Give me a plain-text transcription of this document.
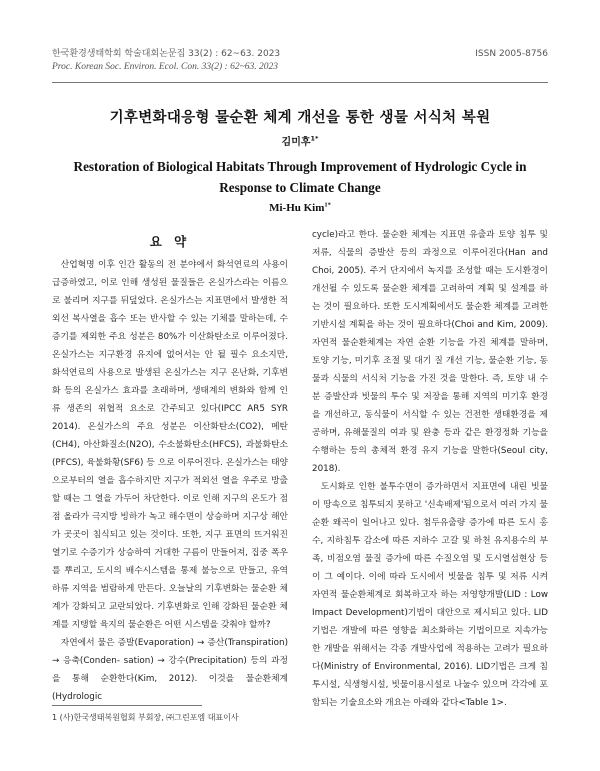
한국환경생태학회 학술대회논문집 33(2) : 62~63. 2023	ISSN 2005-8756
Proc. Korean Soc. Environ. Ecol. Con. 33(2) : 62~63. 2023
기후변화대응형 물순환 체계 개선을 통한 생물 서식처 복원
김미후$^{1*}$
Restoration of Biological Habitats Through Improvement of Hydrologic Cycle in Response to Climate Change
Mi-Hu Kim$^{1*}$
요 약

산업혁명 이후 인간 활동의 전 분야에서 화석연료의 사용이 급증하였고, 이로 인해 생성된 물질들은 온실가스라는 이름으로 불리며 지구를 뒤덮었다. 온실가스는 지표면에서 발생한 적외선 복사열을 흡수 또는 반사할 수 있는 기체를 말하는데, 수증기를 제외한 주요 성분은 80%가 이산화탄소로 이루어졌다. 온실가스는 지구환경 유지에 없어서는 안 될 필수 요소지만, 화석연료의 사용으로 발생된 온실가스는 지구 온난화, 기후변화 등의 온실가스 효과를 초래하며, 생태계의 변화와 함께 인류 생존의 위협적 요소로 간주되고 있다(IPCC AR5 SYR 2014). 온실가스의 주요 성분은 이산화탄소(CO2), 메탄(CH4), 아산화질소(N2O), 수소불화탄소(HFCS), 과불화탄소(PFCS), 육불화황(SF6) 등 으로 이루어진다. 온실가스는 태양으로부터의 열을 흡수하지만 지구가 적외선 열을 우주로 방출할 때는 그 열을 가두어 차단한다. 이로 인해 지구의 온도가 점점 올라가 극지방 빙하가 녹고 해수면이 상승하며 지구상 해안가 곳곳이 침식되고 있는 것이다. 또한, 지구 표면의 뜨거워진 열기로 수증기가 상승하여 거대한 구름이 만들어져, 집중 폭우를 뿌리고, 도시의 배수시스템을 통제 불능으로 만들고, 유역 하류 지역을 범람하게 만든다. 오늘날의 기후변화는 물순환 체계가 강화되고 교란되었다. 기후변화로 인해 강화된 물순환 체계를 지탱할 육지의 물순환은 어떤 시스템을 갖춰야 할까?

자연에서 물은 증발(Evaporation) → 증산(Transpiration) → 응축(Conden- sation) → 강수(Precipitation) 등의 과정을 통해 순환한다(Kim, 2012). 이것을 물순환체계(Hydrologic

cycle)라고 한다. 물순환 체계는 지표면 유출과 토양 침투 및 저류, 식물의 증발산 등의 과정으로 이루어진다(Han and Choi, 2005). 주거 단지에서 녹지를 조성할 때는 도시환경이 개선될 수 있도록 물순환 체계를 고려하여 계획 및 설계를 하는 것이 필요하다. 또한 도시계획에서도 물순환 체계를 고려한 기반시설 계획을 하는 것이 필요하다(Choi and Kim, 2009). 자연적 물순환체계는 자연 순환 기능을 가진 체계를 말하며, 토양 기능, 미기후 조절 및 대기 질 개선 기능, 물순환 기능, 동물과 식물의 서식처 기능을 가진 것을 말한다. 즉, 토양 내 수분 증발산과 빗물의 투수 및 저장을 통해 지역의 미기후 환경을 개선하고, 동식물이 서식할 수 있는 건전한 생태환경을 제공하며, 유해물질의 여과 및 완충 등과 같은 환경정화 기능을 수행하는 등의 총체적 환경 유지 기능을 말한다(Seoul city, 2018).

도시화로 인한 불투수면이 증가하면서 지표면에 내린 빗물이 땅속으로 침투되지 못하고 '신속배제'됨으로서 여러 가지 물순환 왜곡이 일어나고 있다. 첨두유출량 증가에 따른 도시 홍수, 지하침투 감소에 따른 지하수 고갈 및 하천 유지용수의 부족, 비점오염 물질 증가에 따른 수질오염 및 도시열섬현상 등이 그 예이다. 이에 따라 도시에서 빗물을 침투 및 저류 시켜 자연적 물순환체계로 회복하고자 하는 저영향개발(LID : Low Impact Development)기법이 대안으로 제시되고 있다. LID기법은 개발에 따른 영향을 최소화하는 기법이므로 지속가능한 개발을 위해서는 각종 개발사업에 적용하는 고려가 필요하다(Ministry of Environmental, 2016). LID기법은 크게 침투시설, 식생형시설, 빗물이용시설로 나눌수 있으며 각각에 포함되는 기술요소와 개요는 아래와 같다<Table 1>.

1 (사)한국생태복원협회 부회장, ㈜그린포엠 대표이사
